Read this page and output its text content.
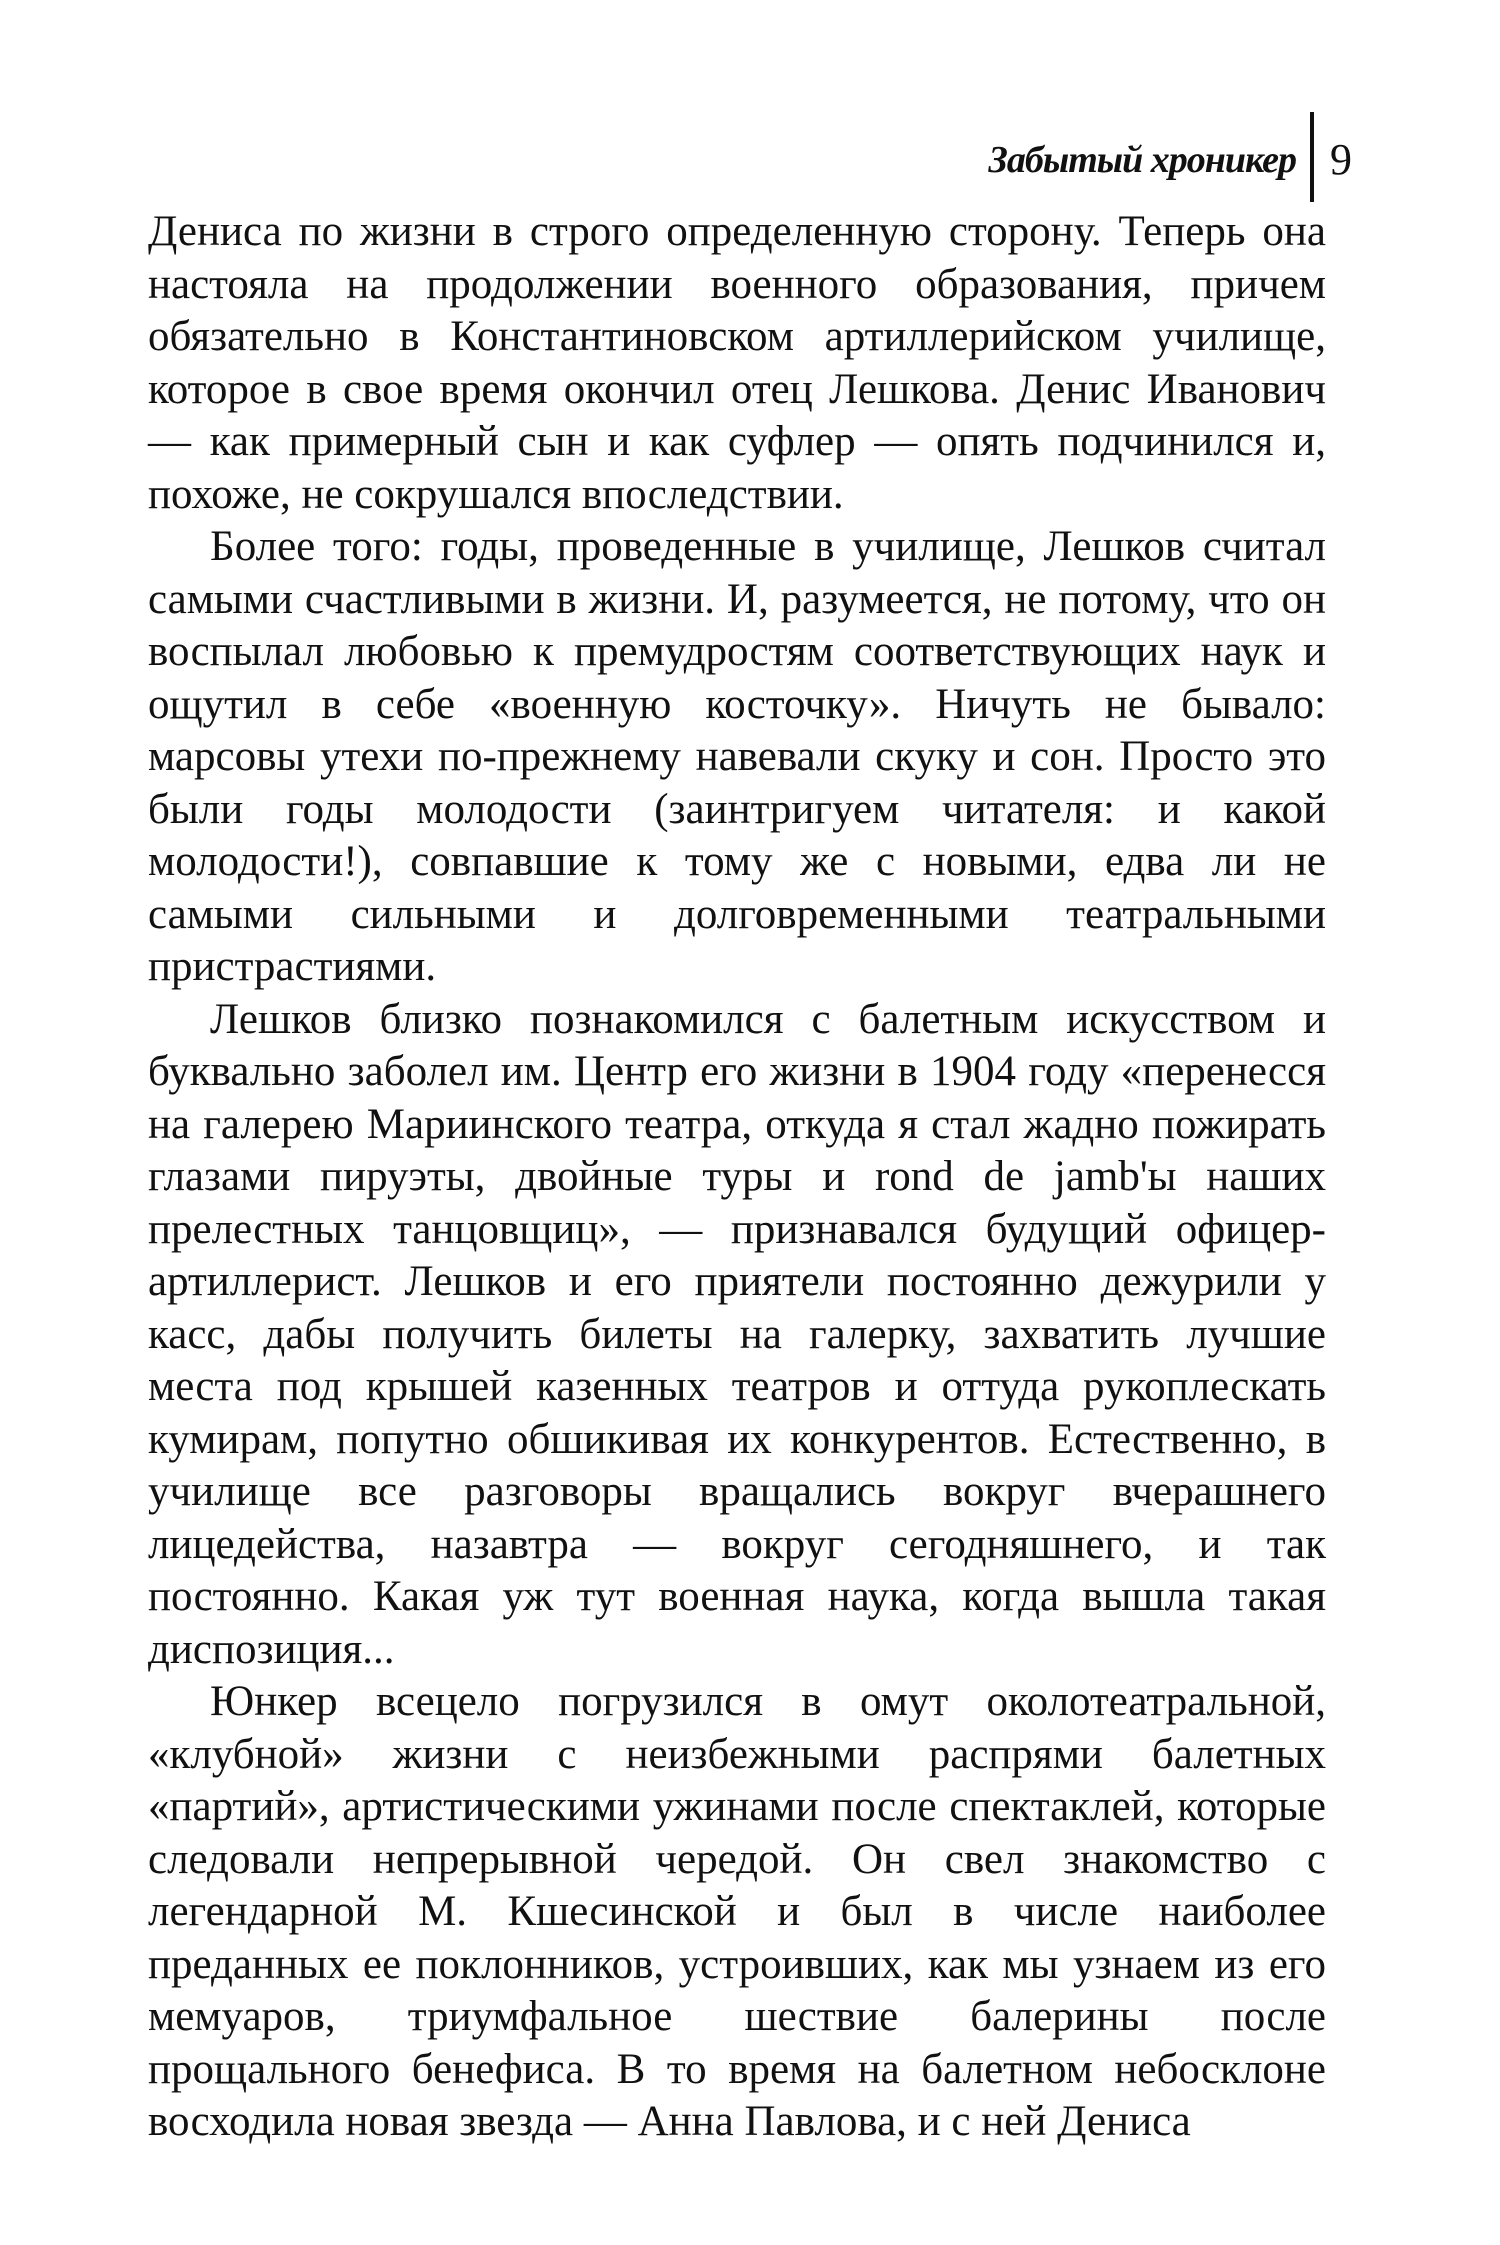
Забытый хроникер 9

Дениса по жизни в строго определенную сторону. Теперь она настояла на продолжении военного образования, причем обязательно в Константиновском артиллерийском училище, которое в свое время окончил отец Лешкова. Денис Иванович — как примерный сын и как суфлер — опять подчинился и, похоже, не сокрушался впоследствии.

Более того: годы, проведенные в училище, Лешков считал самыми счастливыми в жизни. И, разумеется, не потому, что он воспылал любовью к премудростям соответствующих наук и ощутил в себе «военную косточку». Ничуть не бывало: марсовы утехи по-прежнему навевали скуку и сон. Просто это были годы молодости (заинтригуем читателя: и какой молодости!), совпавшие к тому же с новыми, едва ли не самыми сильными и долговременными театральными пристрастиями.

Лешков близко познакомился с балетным искусством и буквально заболел им. Центр его жизни в 1904 году «перенесся на галерею Мариинского театра, откуда я стал жадно пожирать глазами пируэты, двойные туры и rond de jamb'ы наших прелестных танцовщиц», — признавался будущий офицер-артиллерист. Лешков и его приятели постоянно дежурили у касс, дабы получить билеты на галерку, захватить лучшие места под крышей казенных театров и оттуда рукоплескать кумирам, попутно обшикивая их конкурентов. Естественно, в училище все разговоры вращались вокруг вчерашнего лицедейства, назавтра — вокруг сегодняшнего, и так постоянно. Какая уж тут военная наука, когда вышла такая диспозиция...

Юнкер всецело погрузился в омут околотеатральной, «клубной» жизни с неизбежными распрями балетных «партий», артистическими ужинами после спектаклей, которые следовали непрерывной чередой. Он свел знакомство с легендарной М. Кшесинской и был в числе наиболее преданных ее поклонников, устроивших, как мы узнаем из его мемуаров, триумфальное шествие балерины после прощального бенефиса. В то время на балетном небосклоне восходила новая звезда — Анна Павлова, и с ней Дениса
